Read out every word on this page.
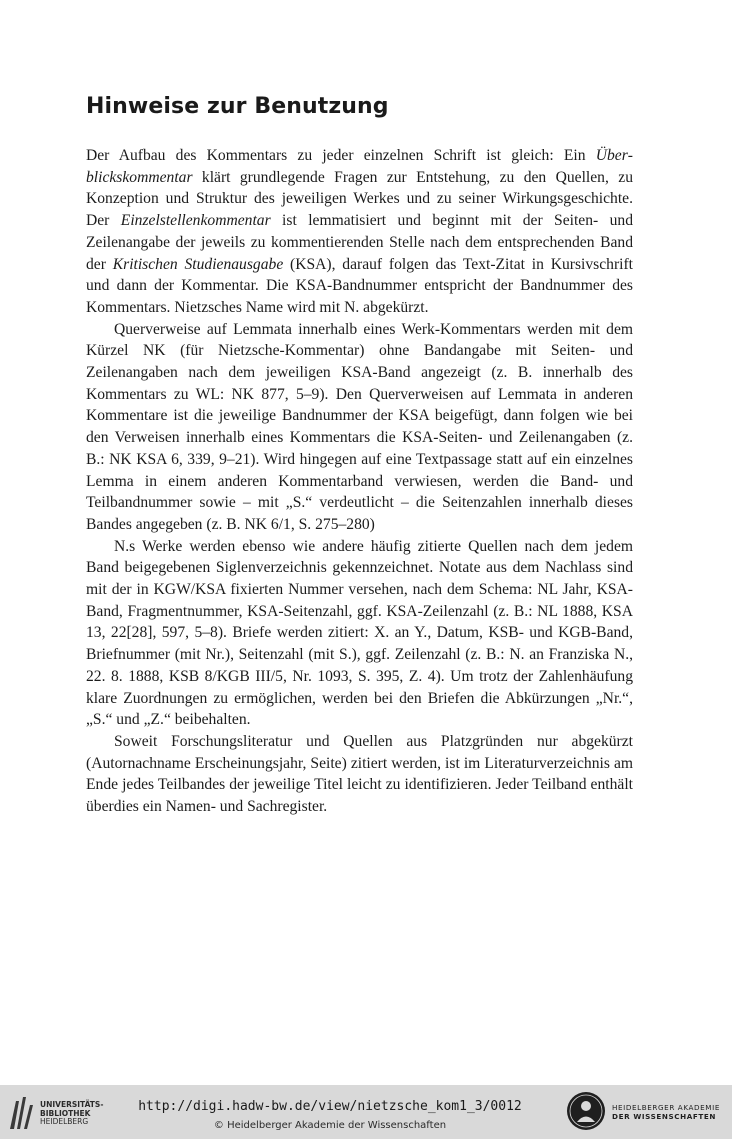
Hinweise zur Benutzung

Der Aufbau des Kommentars zu jeder einzelnen Schrift ist gleich: Ein Überblickskommentar klärt grundlegende Fragen zur Entstehung, zu den Quellen, zu Konzeption und Struktur des jeweiligen Werkes und zu seiner Wirkungsgeschichte. Der Einzelstellenkommentar ist lemmatisiert und beginnt mit der Seiten- und Zeilenangabe der jeweils zu kommentierenden Stelle nach dem entsprechenden Band der Kritischen Studienausgabe (KSA), darauf folgen das Text-Zitat in Kursivschrift und dann der Kommentar. Die KSA-Bandnummer entspricht der Bandnummer des Kommentars. Nietzsches Name wird mit N. abgekürzt.

Querverweise auf Lemmata innerhalb eines Werk-Kommentars werden mit dem Kürzel NK (für Nietzsche-Kommentar) ohne Bandangabe mit Seiten- und Zeilenangaben nach dem jeweiligen KSA-Band angezeigt (z. B. innerhalb des Kommentars zu WL: NK 877, 5–9). Den Querverweisen auf Lemmata in anderen Kommentare ist die jeweilige Bandnummer der KSA beigefügt, dann folgen wie bei den Verweisen innerhalb eines Kommentars die KSA-Seiten- und Zeilenangaben (z. B.: NK KSA 6, 339, 9–21). Wird hingegen auf eine Textpassage statt auf ein einzelnes Lemma in einem anderen Kommentarband verwiesen, werden die Band- und Teilbandnummer sowie – mit „S.“ verdeutlicht – die Seitenzahlen innerhalb dieses Bandes angegeben (z. B. NK 6/1, S. 275–280)

N.s Werke werden ebenso wie andere häufig zitierte Quellen nach dem jedem Band beigegebenen Siglenverzeichnis gekennzeichnet. Notate aus dem Nachlass sind mit der in KGW/KSA fixierten Nummer versehen, nach dem Schema: NL Jahr, KSA-Band, Fragmentnummer, KSA-Seitenzahl, ggf. KSA-Zeilenzahl (z. B.: NL 1888, KSA 13, 22[28], 597, 5–8). Briefe werden zitiert: X. an Y., Datum, KSB- und KGB-Band, Briefnummer (mit Nr.), Seitenzahl (mit S.), ggf. Zeilenzahl (z. B.: N. an Franziska N., 22. 8. 1888, KSB 8/KGB III/5, Nr. 1093, S. 395, Z. 4). Um trotz der Zahlenhäufung klare Zuordnungen zu ermöglichen, werden bei den Briefen die Abkürzungen „Nr.“, „S.“ und „Z.“ beibehalten.

Soweit Forschungsliteratur und Quellen aus Platzgründen nur abgekürzt (Autornachname Erscheinungsjahr, Seite) zitiert werden, ist im Literaturverzeichnis am Ende jedes Teilbandes der jeweilige Titel leicht zu identifizieren. Jeder Teilband enthält überdies ein Namen- und Sachregister.

UNIVERSITÄTS-
BIBLIOTHEK
HEIDELBERG
http://digi.hadw-bw.de/view/nietzsche_kom1_3/0012
© Heidelberger Akademie der Wissenschaften
HEIDELBERGER AKADEMIE
DER WISSENSCHAFTEN
